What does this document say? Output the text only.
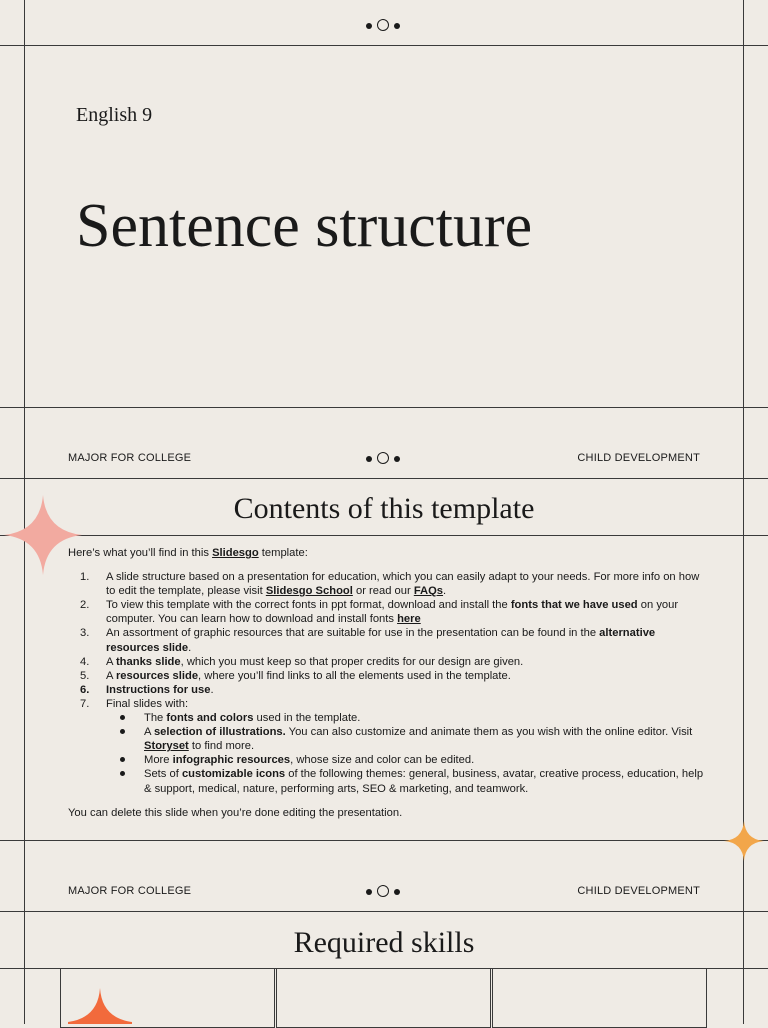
English 9
Sentence structure
MAJOR FOR COLLEGE	CHILD DEVELOPMENT
Contents of this template
Here’s what you’ll find in this Slidesgo template:
1. A slide structure based on a presentation for education, which you can easily adapt to your needs. For more info on how to edit the template, please visit Slidesgo School or read our FAQs.
2. To view this template with the correct fonts in ppt format, download and install the fonts that we have used on your computer. You can learn how to download and install fonts here
3. An assortment of graphic resources that are suitable for use in the presentation can be found in the alternative resources slide.
4. A thanks slide, which you must keep so that proper credits for our design are given.
5. A resources slide, where you’ll find links to all the elements used in the template.
6. Instructions for use.
7. Final slides with:
The fonts and colors used in the template.
A selection of illustrations. You can also customize and animate them as you wish with the online editor. Visit Storyset to find more.
More infographic resources, whose size and color can be edited.
Sets of customizable icons of the following themes: general, business, avatar, creative process, education, help & support, medical, nature, performing arts, SEO & marketing, and teamwork.
You can delete this slide when you’re done editing the presentation.
MAJOR FOR COLLEGE	CHILD DEVELOPMENT
Required skills
